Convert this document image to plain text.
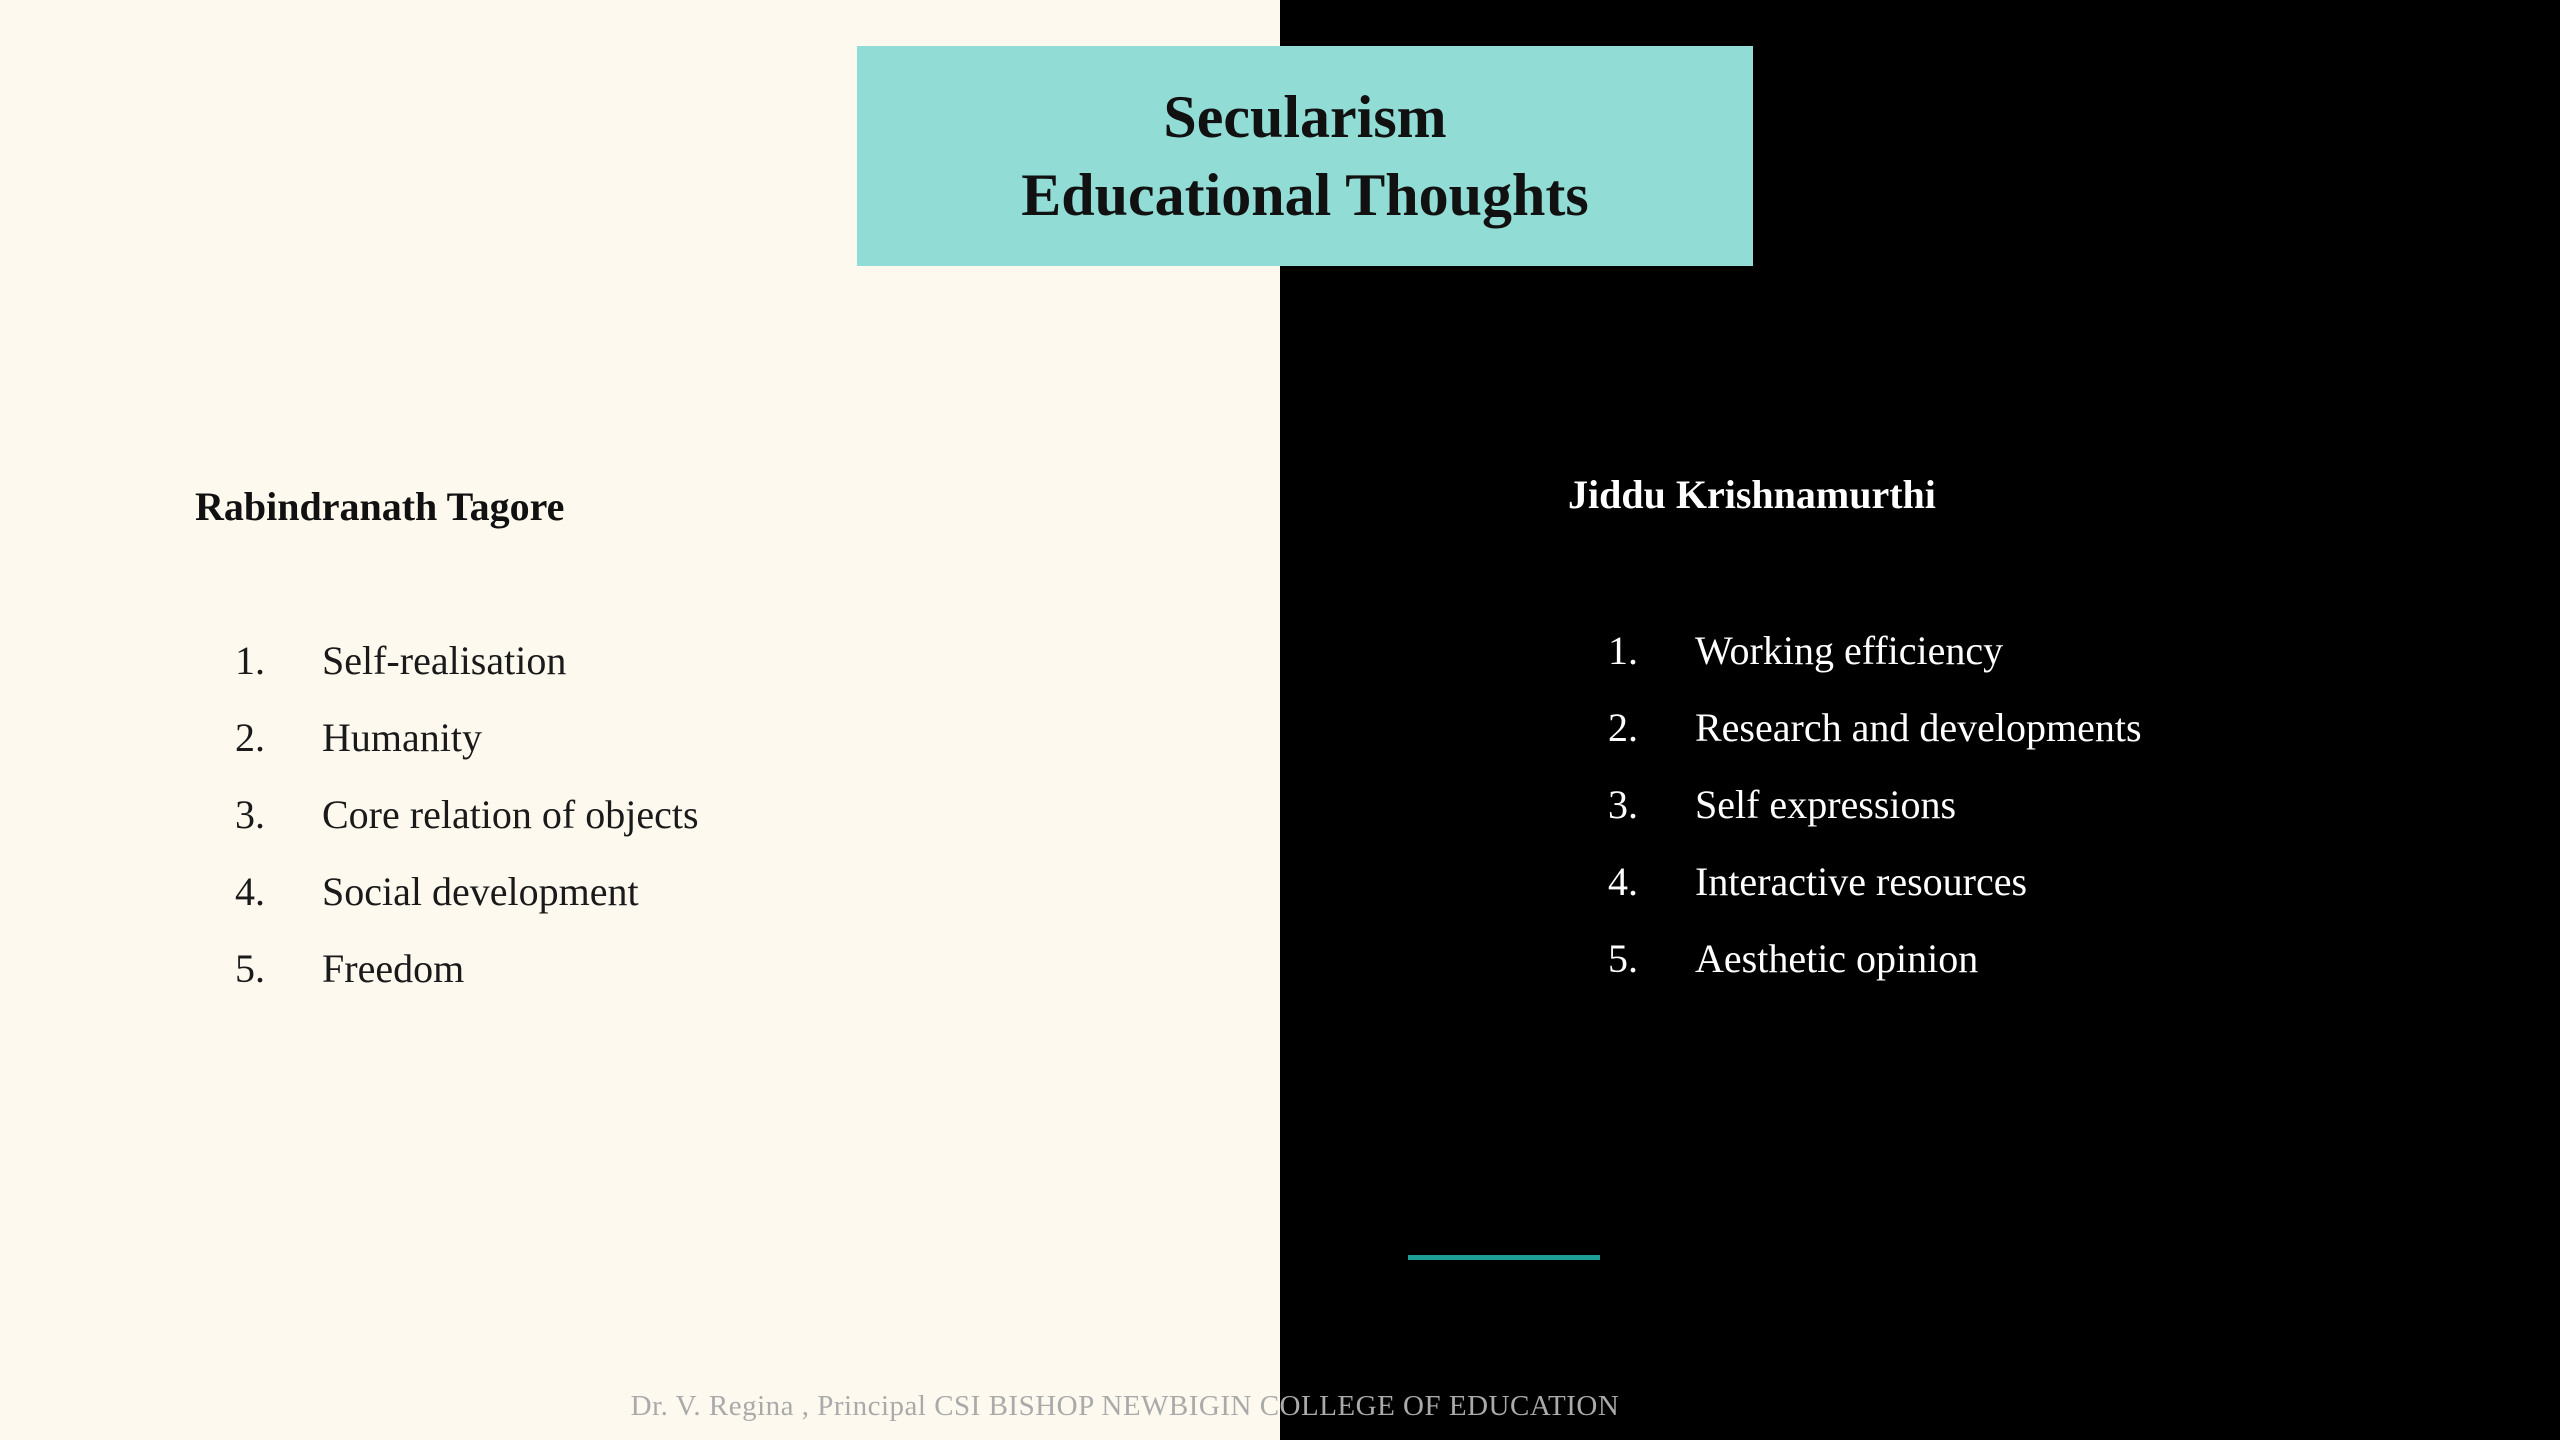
Secularism
Educational Thoughts
Rabindranath Tagore
1.	Self-realisation
2.	Humanity
3.	Core relation of objects
4.	Social development
5.	Freedom
Jiddu Krishnamurthi
1.	Working efficiency
2.	Research and developments
3.	Self expressions
4.	Interactive resources
5.	Aesthetic opinion
Dr. V. Regina , Principal CSI BISHOP NEWBIGIN COLLEGE OF EDUCATION
